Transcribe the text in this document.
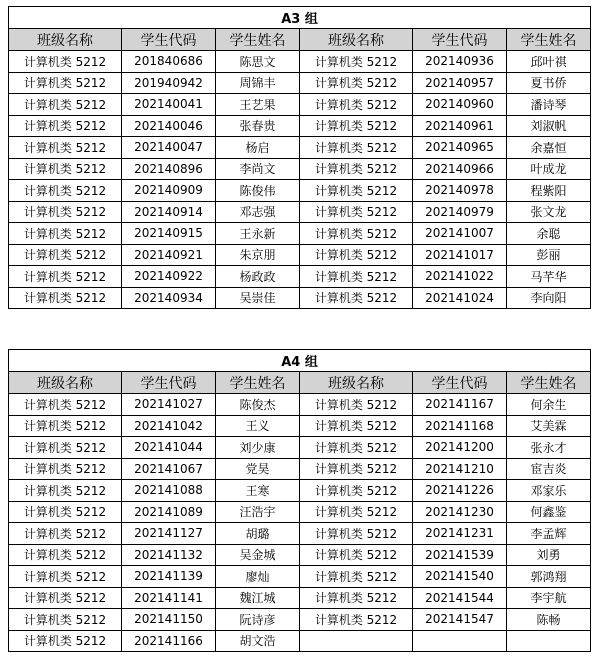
A3 组					
班级名称	学生代码	学生姓名	班级名称	学生代码	学生姓名
计算机类 5212	201840686	陈思文	计算机类 5212	202140936	邱叶祺
计算机类 5212	201940942	周锦丰	计算机类 5212	202140957	夏书侨
计算机类 5212	202140041	王艺果	计算机类 5212	202140960	潘诗琴
计算机类 5212	202140046	张春贵	计算机类 5212	202140961	刘淑帆
计算机类 5212	202140047	杨启	计算机类 5212	202140965	余嘉恒
计算机类 5212	202140896	李尚文	计算机类 5212	202140966	叶成龙
计算机类 5212	202140909	陈俊伟	计算机类 5212	202140978	程紫阳
计算机类 5212	202140914	邓志强	计算机类 5212	202140979	张文龙
计算机类 5212	202140915	王永新	计算机类 5212	202141007	余聪
计算机类 5212	202140921	朱京朋	计算机类 5212	202141017	彭丽
计算机类 5212	202140922	杨政政	计算机类 5212	202141022	马芊华
计算机类 5212	202140934	吴崇佳	计算机类 5212	202141024	李向阳
A4 组					
班级名称	学生代码	学生姓名	班级名称	学生代码	学生姓名
计算机类 5212	202141027	陈俊杰	计算机类 5212	202141167	何余生
计算机类 5212	202141042	王义	计算机类 5212	202141168	艾美霖
计算机类 5212	202141044	刘少康	计算机类 5212	202141200	张永才
计算机类 5212	202141067	党昊	计算机类 5212	202141210	宦吉炎
计算机类 5212	202141088	王寒	计算机类 5212	202141226	邓家乐
计算机类 5212	202141089	汪浩宇	计算机类 5212	202141230	何鑫鉴
计算机类 5212	202141127	胡璐	计算机类 5212	202141231	李孟辉
计算机类 5212	202141132	吴金城	计算机类 5212	202141539	刘勇
计算机类 5212	202141139	廖灿	计算机类 5212	202141540	郭鸿翔
计算机类 5212	202141141	魏江城	计算机类 5212	202141544	李宇航
计算机类 5212	202141150	阮诗彦	计算机类 5212	202141547	陈畅
计算机类 5212	202141166	胡文浩			
